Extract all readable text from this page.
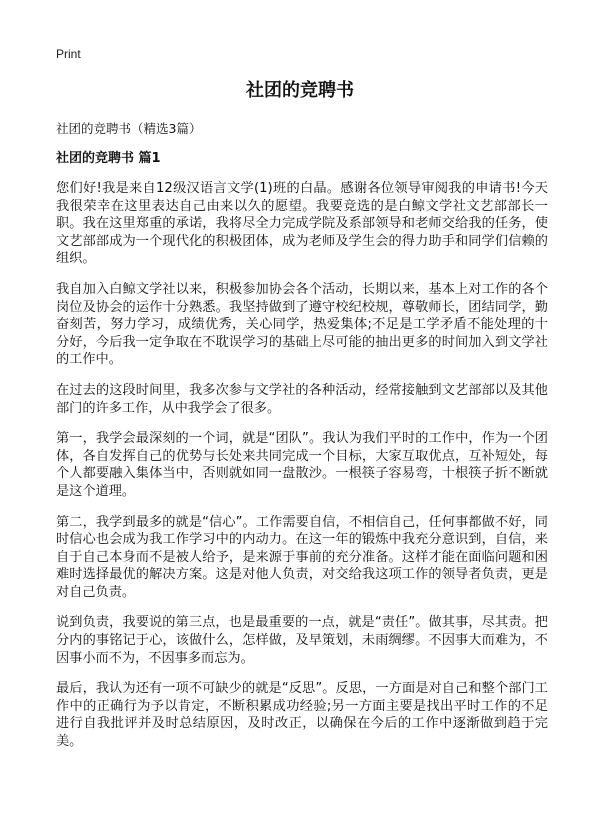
Print
社团的竞聘书

社团的竞聘书（精选3篇）

社团的竞聘书 篇1

您们好!我是来自12级汉语言文学(1)班的白晶。感谢各位领导审阅我的申请书!今天我很荣幸在这里表达自己由来以久的愿望。我要竞选的是白鲸文学社文艺部部长一职。我在这里郑重的承诺，我将尽全力完成学院及系部领导和老师交给我的任务，使文艺部部成为一个现代化的积极团体，成为老师及学生会的得力助手和同学们信赖的组织。

我自加入白鲸文学社以来，积极参加协会各个活动，长期以来，基本上对工作的各个岗位及协会的运作十分熟悉。我坚持做到了遵守校纪校规，尊敬师长，团结同学，勤奋刻苦，努力学习，成绩优秀，关心同学，热爱集体;不足是工学矛盾不能处理的十分好，今后我一定争取在不耽误学习的基础上尽可能的抽出更多的时间加入到文学社的工作中。

在过去的这段时间里，我多次参与文学社的各种活动，经常接触到文艺部部以及其他部门的许多工作，从中我学会了很多。

第一，我学会最深刻的一个词，就是“团队”。我认为我们平时的工作中，作为一个团体，各自发挥自己的优势与长处来共同完成一个目标，大家互取优点，互补短处，每个人都要融入集体当中，否则就如同一盘散沙。一根筷子容易弯，十根筷子折不断就是这个道理。

第二，我学到最多的就是“信心”。工作需要自信，不相信自己，任何事都做不好，同时信心也会成为我工作学习中的内动力。在这一年的锻炼中我充分意识到，自信，来自于自己本身而不是被人给予，是来源于事前的充分准备。这样才能在面临问题和困难时选择最优的解决方案。这是对他人负责，对交给我这项工作的领导者负责，更是对自己负责。

说到负责，我要说的第三点，也是最重要的一点，就是“责任”。做其事，尽其责。把分内的事铭记于心，该做什么，怎样做，及早策划，未雨绸缪。不因事大而难为，不因事小而不为，不因事多而忘为。

最后，我认为还有一项不可缺少的就是“反思”。反思，一方面是对自己和整个部门工作中的正确行为予以肯定，不断积累成功经验;另一方面主要是找出平时工作的不足进行自我批评并及时总结原因，及时改正，以确保在今后的工作中逐渐做到趋于完美。
